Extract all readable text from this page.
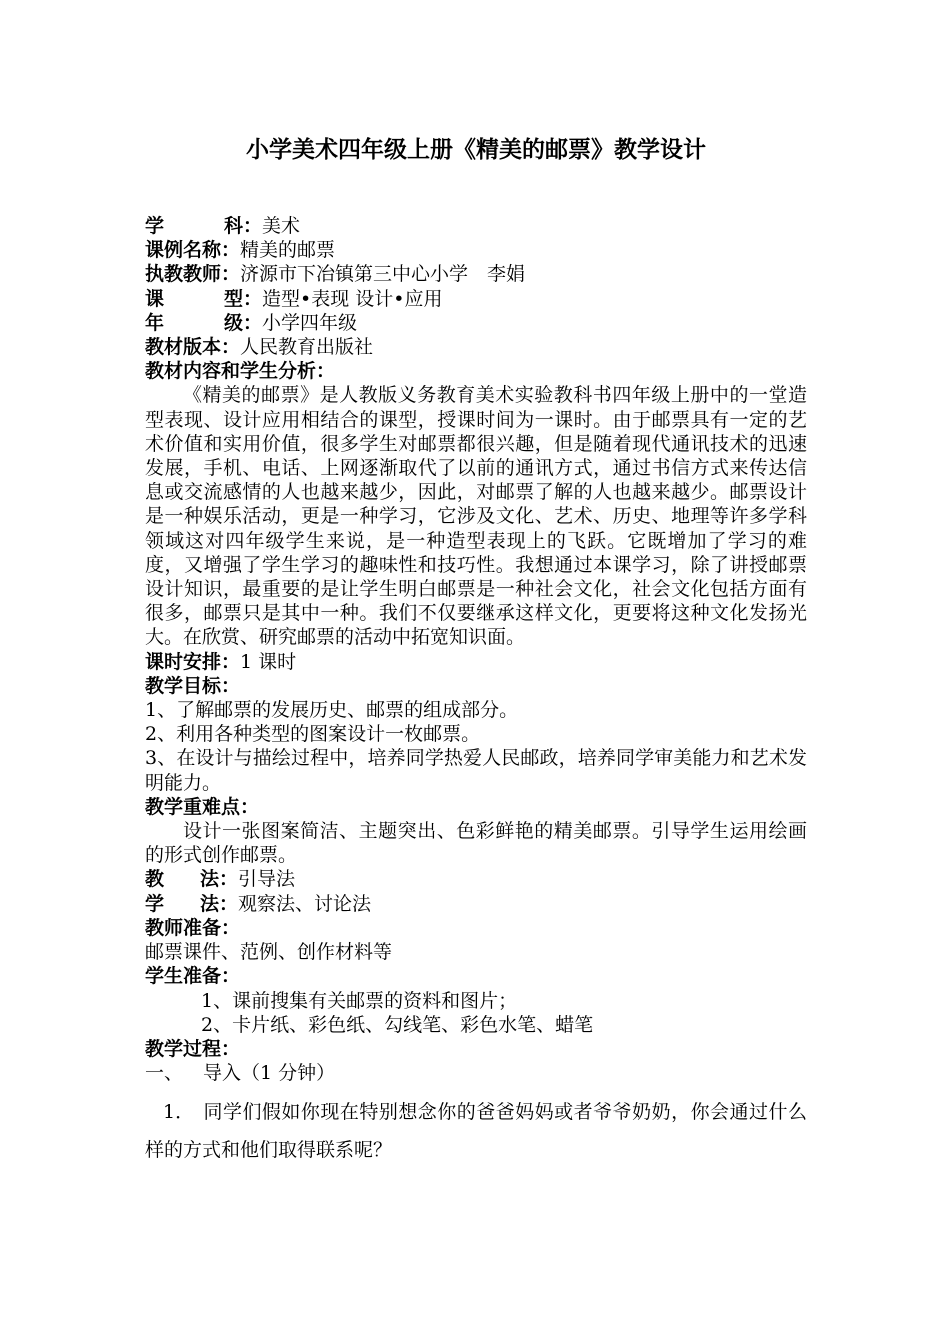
小学美术四年级上册《精美的邮票》教学设计
学	科：美术
课例名称：精美的邮票
执教教师：济源市下冶镇第三中心小学　李娟
课	型：造型•表现 设计•应用
年	级：小学四年级
教材版本：人民教育出版社
教材内容和学生分析：
《精美的邮票》是人教版义务教育美术实验教科书四年级上册中的一堂造型表现、设计应用相结合的课型，授课时间为一课时。由于邮票具有一定的艺术价值和实用价值，很多学生对邮票都很兴趣，但是随着现代通讯技术的迅速发展，手机、电话、上网逐渐取代了以前的通讯方式，通过书信方式来传达信息或交流感情的人也越来越少，因此，对邮票了解的人也越来越少。邮票设计是一种娱乐活动，更是一种学习，它涉及文化、艺术、历史、地理等许多学科领域这对四年级学生来说，是一种造型表现上的飞跃。它既增加了学习的难度，又增强了学生学习的趣味性和技巧性。我想通过本课学习，除了讲授邮票设计知识，最重要的是让学生明白邮票是一种社会文化，社会文化包括方面有很多，邮票只是其中一种。我们不仅要继承这样文化，更要将这种文化发扬光大。在欣赏、研究邮票的活动中拓宽知识面。
课时安排：1 课时
教学目标：
1、了解邮票的发展历史、邮票的组成部分。
2、利用各种类型的图案设计一枚邮票。
3、在设计与描绘过程中，培养同学热爱人民邮政，培养同学审美能力和艺术发明能力。
教学重难点：
设计一张图案简洁、主题突出、色彩鲜艳的精美邮票。引导学生运用绘画的形式创作邮票。
教 法：引导法
学 法：观察法、讨论法
教师准备：
邮票课件、范例、创作材料等
学生准备：
1、课前搜集有关邮票的资料和图片；
2、卡片纸、彩色纸、勾线笔、彩色水笔、蜡笔
教学过程：
一、 导入（1 分钟）
1． 同学们假如你现在特别想念你的爸爸妈妈或者爷爷奶奶，你会通过什么样的方式和他们取得联系呢？
